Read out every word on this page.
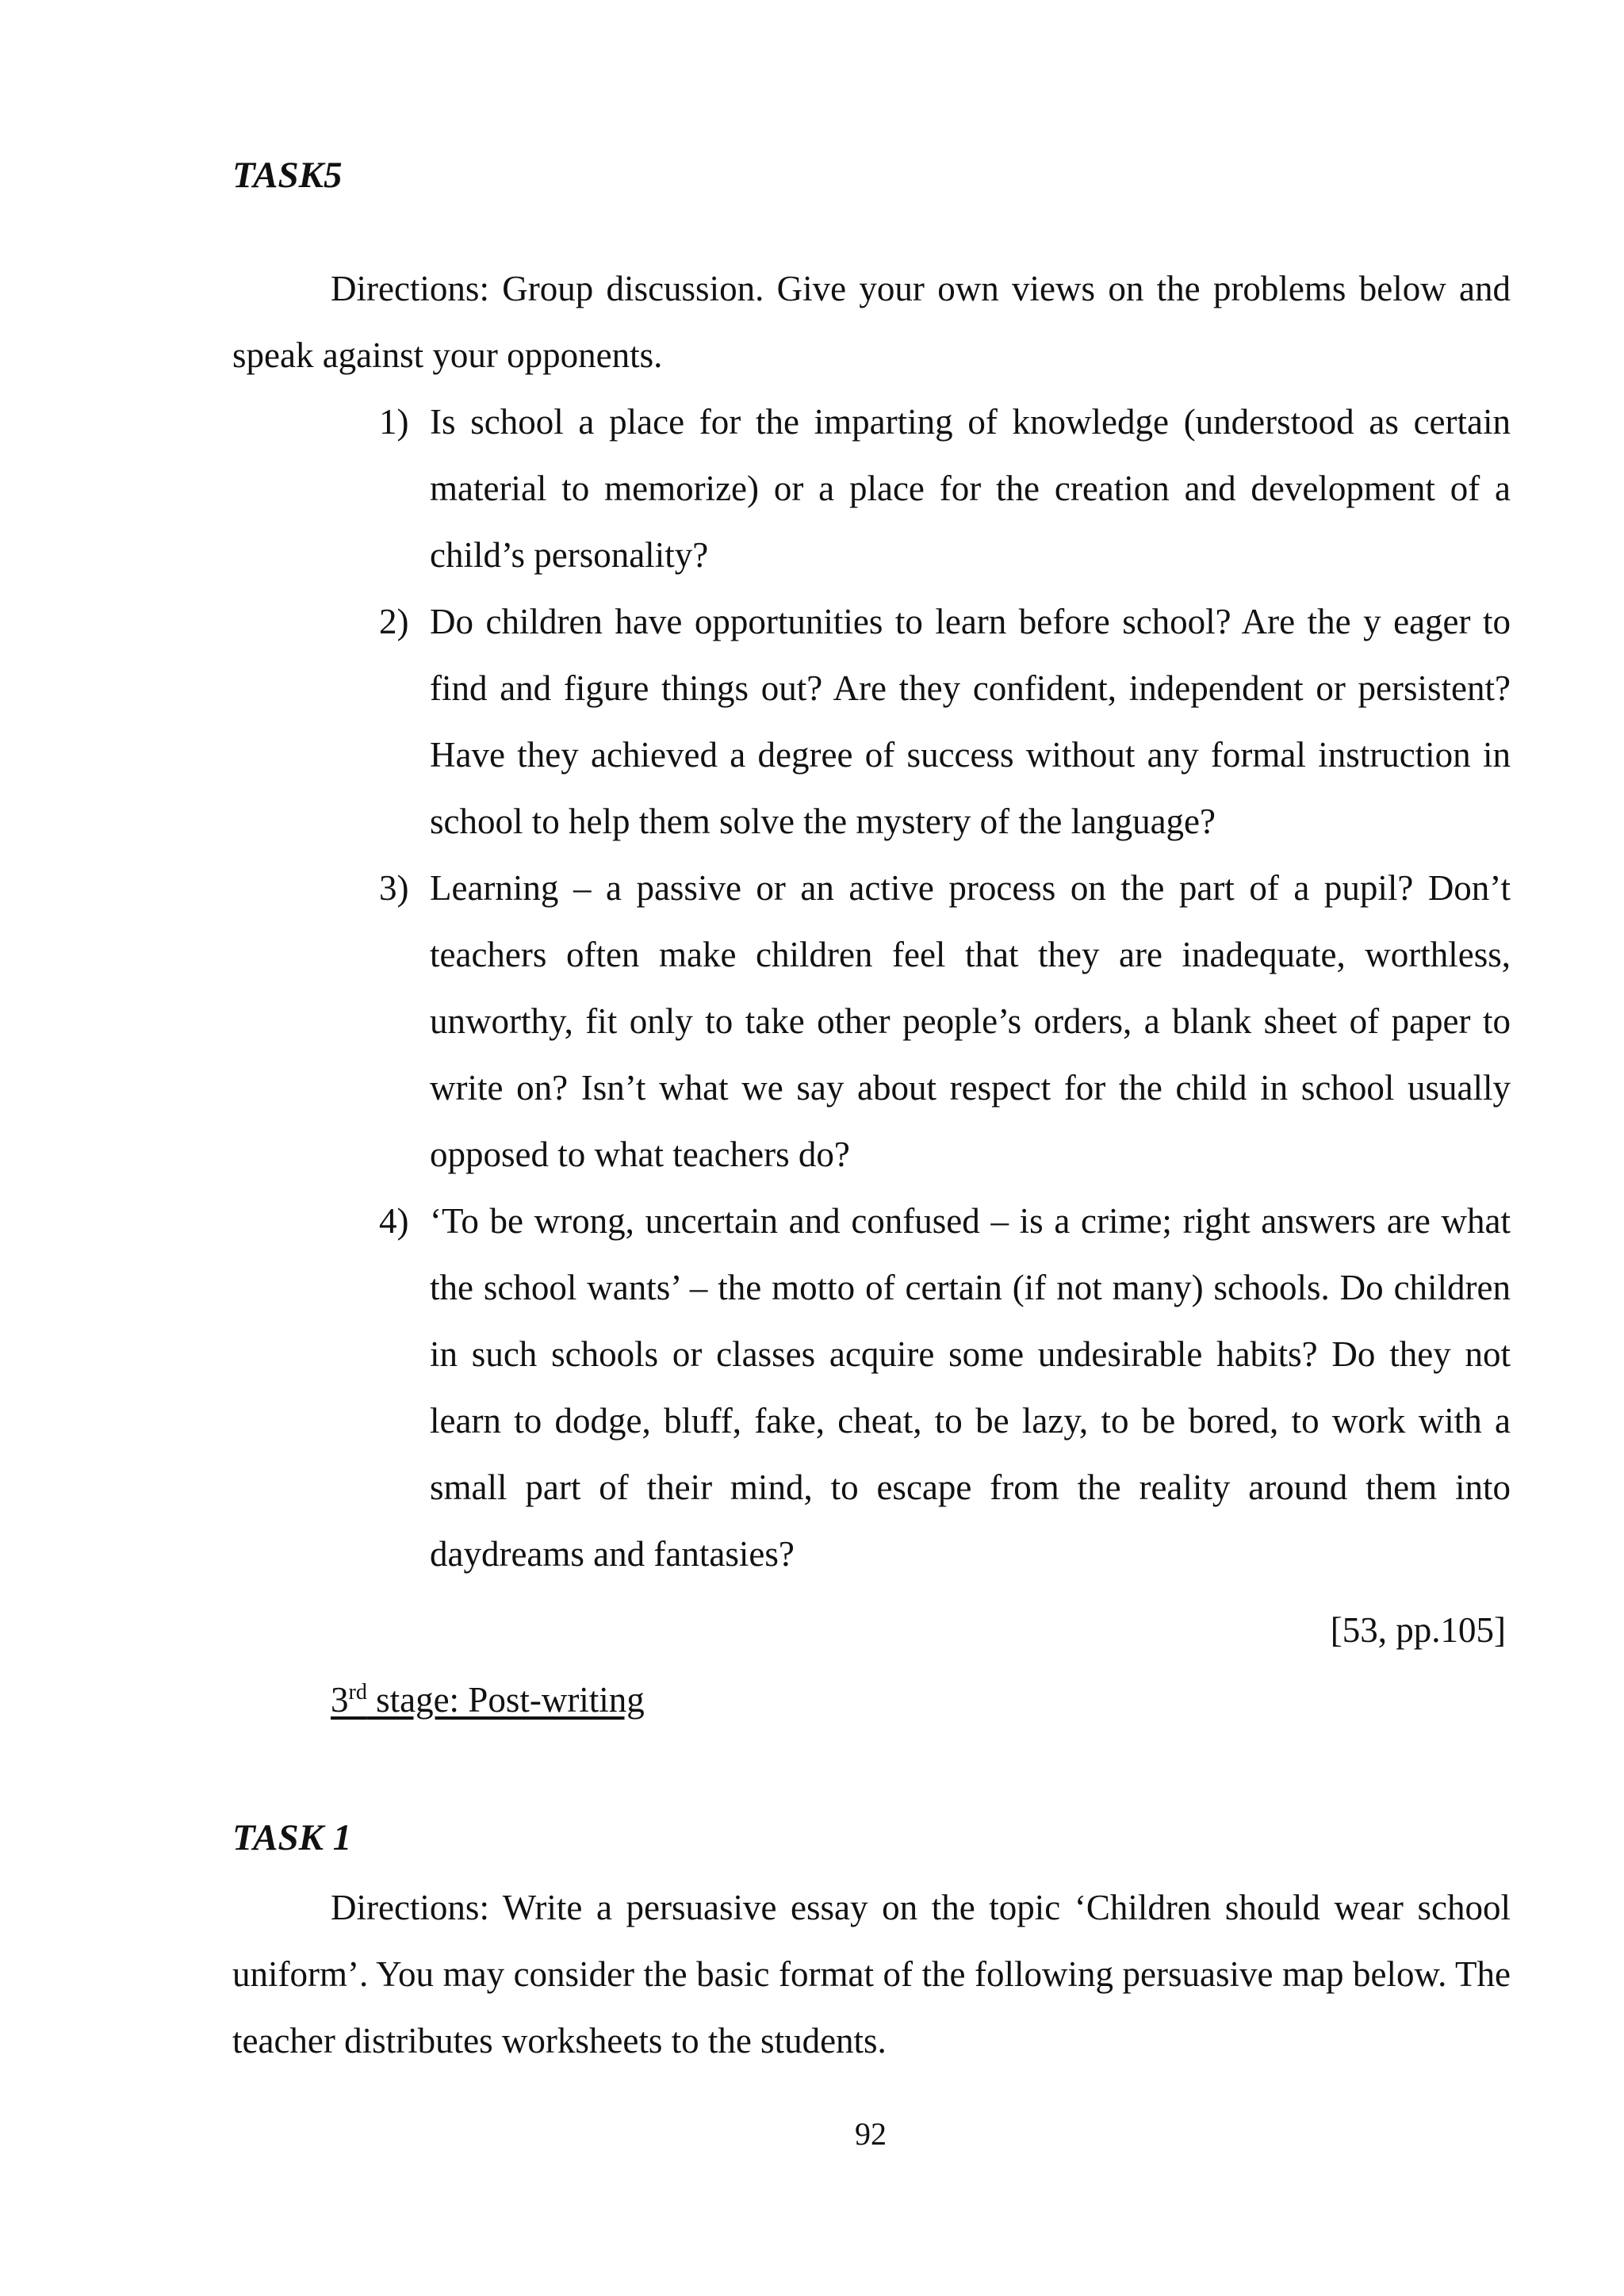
TASK5

Directions: Group discussion. Give your own views on the problems below and speak against your opponents.

1) Is school a place for the imparting of knowledge (understood as certain material to memorize) or a place for the creation and development of a child’s personality?
2) Do children have opportunities to learn before school? Are the y eager to find and figure things out? Are they confident, independent or persistent? Have they achieved a degree of success without any formal instruction in school to help them solve the mystery of the language?
3) Learning – a passive or an active process on the part of a pupil? Don’t teachers often make children feel that they are inadequate, worthless, unworthy, fit only to take other people’s orders, a blank sheet of paper to write on? Isn’t what we say about respect for the child in school usually opposed to what teachers do?
4) ‘To be wrong, uncertain and confused – is a crime; right answers are what the school wants’ – the motto of certain (if not many) schools. Do children in such schools or classes acquire some undesirable habits? Do they not learn to dodge, bluff, fake, cheat, to be lazy, to be bored, to work with a small part of their mind, to escape from the reality around them into daydreams and fantasies?

[53, pp.105]

3rd stage: Post-writing

TASK 1

Directions: Write a persuasive essay on the topic ‘Children should wear school uniform’. You may consider the basic format of the following persuasive map below. The teacher distributes worksheets to the students.

92
